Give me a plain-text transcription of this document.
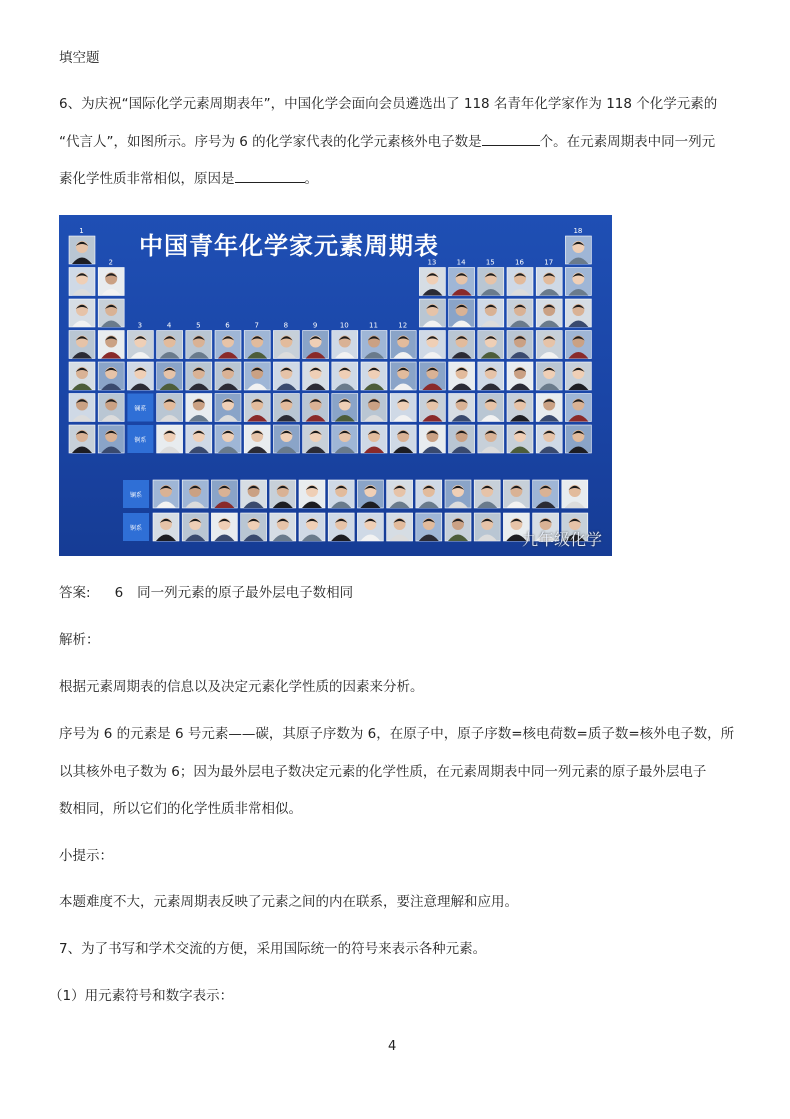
填空题
6、为庆祝“国际化学元素周期表年”，中国化学会面向会员遴选出了 118 名青年化学家作为 118 个化学元素的
“代言人”，如图所示。序号为 6 的化学家代表的化学元素核外电子数是	个。在元素周期表中同一列元
素化学性质非常相似，原因是	。
镧系
锕系
镧系
锕系
1
2
3	4	5	6	7	8	9	10	11	12
13	14	15	16	17
18
中国青年化学家元素周期表
九年级化学
答案: 6 同一列元素的原子最外层电子数相同
解析：
根据元素周期表的信息以及决定元素化学性质的因素来分析。
序号为 6 的元素是 6 号元素——碳，其原子序数为 6，在原子中，原子序数=核电荷数=质子数=核外电子数，所
以其核外电子数为 6；因为最外层电子数决定元素的化学性质，在元素周期表中同一列元素的原子最外层电子
数相同，所以它们的化学性质非常相似。
小提示：
本题难度不大，元素周期表反映了元素之间的内在联系，要注意理解和应用。
7、为了书写和学术交流的方便，采用国际统一的符号来表示各种元素。
（1）用元素符号和数字表示：
4
